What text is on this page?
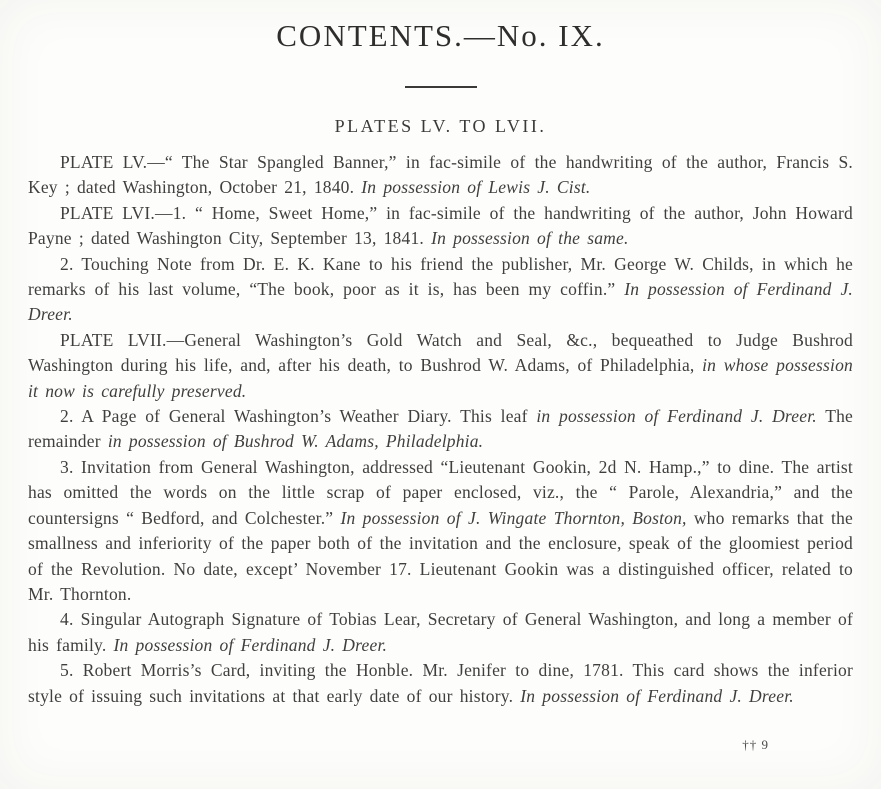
CONTENTS.—No. IX.
PLATES LV. TO LVII.

PLATE LV.—“ The Star Spangled Banner,” in fac-simile of the handwriting of the author, Francis S. Key ; dated Washington, October 21, 1840. In possession of Lewis J. Cist.

PLATE LVI.—1. “ Home, Sweet Home,” in fac-simile of the handwriting of the author, John Howard Payne ; dated Washington City, September 13, 1841. In possession of the same.

2. Touching Note from Dr. E. K. Kane to his friend the publisher, Mr. George W. Childs, in which he remarks of his last volume, “The book, poor as it is, has been my coffin.” In possession of Ferdinand J. Dreer.

PLATE LVII.—General Washington’s Gold Watch and Seal, &c., bequeathed to Judge Bushrod Washington during his life, and, after his death, to Bushrod W. Adams, of Philadelphia, in whose possession it now is carefully preserved.

2. A Page of General Washington’s Weather Diary. This leaf in possession of Ferdinand J. Dreer. The remainder in possession of Bushrod W. Adams, Philadelphia.

3. Invitation from General Washington, addressed “Lieutenant Gookin, 2d N. Hamp.,” to dine. The artist has omitted the words on the little scrap of paper enclosed, viz., the “ Parole, Alexandria,” and the countersigns “ Bedford, and Colchester.” In possession of J. Wingate Thornton, Boston, who remarks that the smallness and inferiority of the paper both of the invitation and the enclosure, speak of the gloomiest period of the Revolution. No date, except’ November 17. Lieutenant Gookin was a distinguished officer, related to Mr. Thornton.

4. Singular Autograph Signature of Tobias Lear, Secretary of General Washington, and long a member of his family. In possession of Ferdinand J. Dreer.

5. Robert Morris’s Card, inviting the Honble. Mr. Jenifer to dine, 1781. This card shows the inferior style of issuing such invitations at that early date of our history. In possession of Ferdinand J. Dreer.

†† 9
